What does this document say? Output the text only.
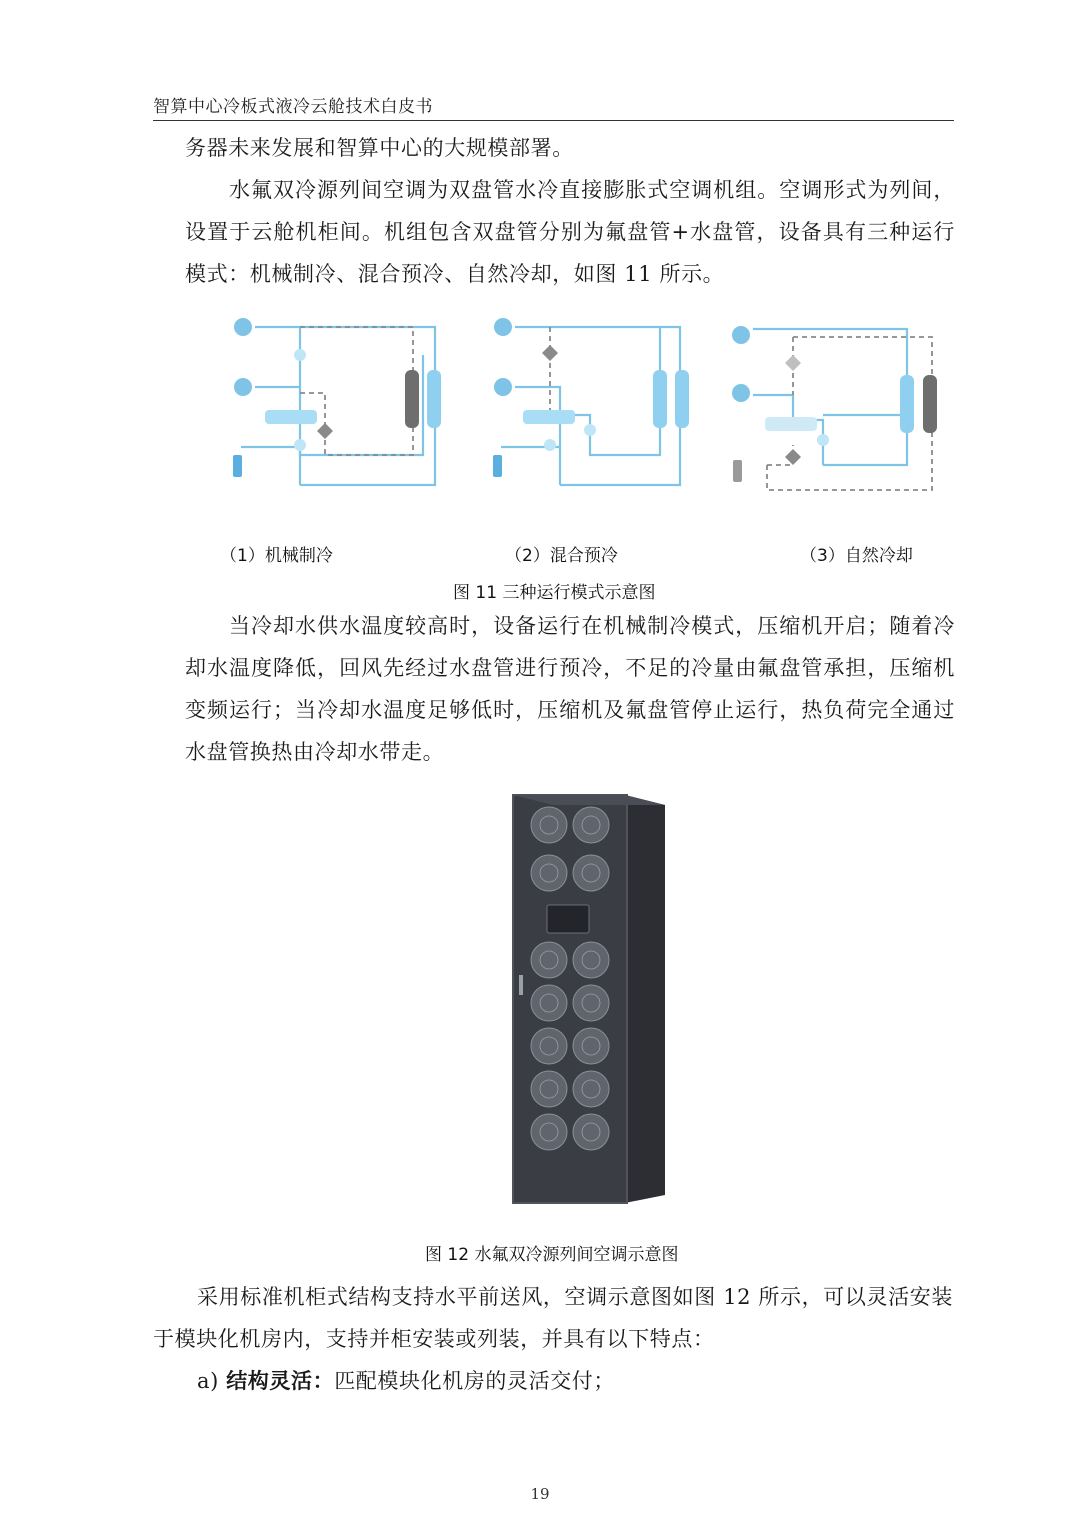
智算中心冷板式液冷云舱技术白皮书
务器未来发展和智算中心的大规模部署。
水氟双冷源列间空调为双盘管水冷直接膨胀式空调机组。空调形式为列间，设置于云舱机柜间。机组包含双盘管分别为氟盘管+水盘管，设备具有三种运行模式：机械制冷、混合预冷、自然冷却，如图 11 所示。
（1）机械制冷	（2）混合预冷	（3）自然冷却
图 11 三种运行模式示意图
当冷却水供水温度较高时，设备运行在机械制冷模式，压缩机开启；随着冷却水温度降低，回风先经过水盘管进行预冷，不足的冷量由氟盘管承担，压缩机变频运行；当冷却水温度足够低时，压缩机及氟盘管停止运行，热负荷完全通过水盘管换热由冷却水带走。
图 12 水氟双冷源列间空调示意图
采用标准机柜式结构支持水平前送风，空调示意图如图 12 所示，可以灵活安装于模块化机房内，支持并柜安装或列装，并具有以下特点：
a) 结构灵活：匹配模块化机房的灵活交付；
19
